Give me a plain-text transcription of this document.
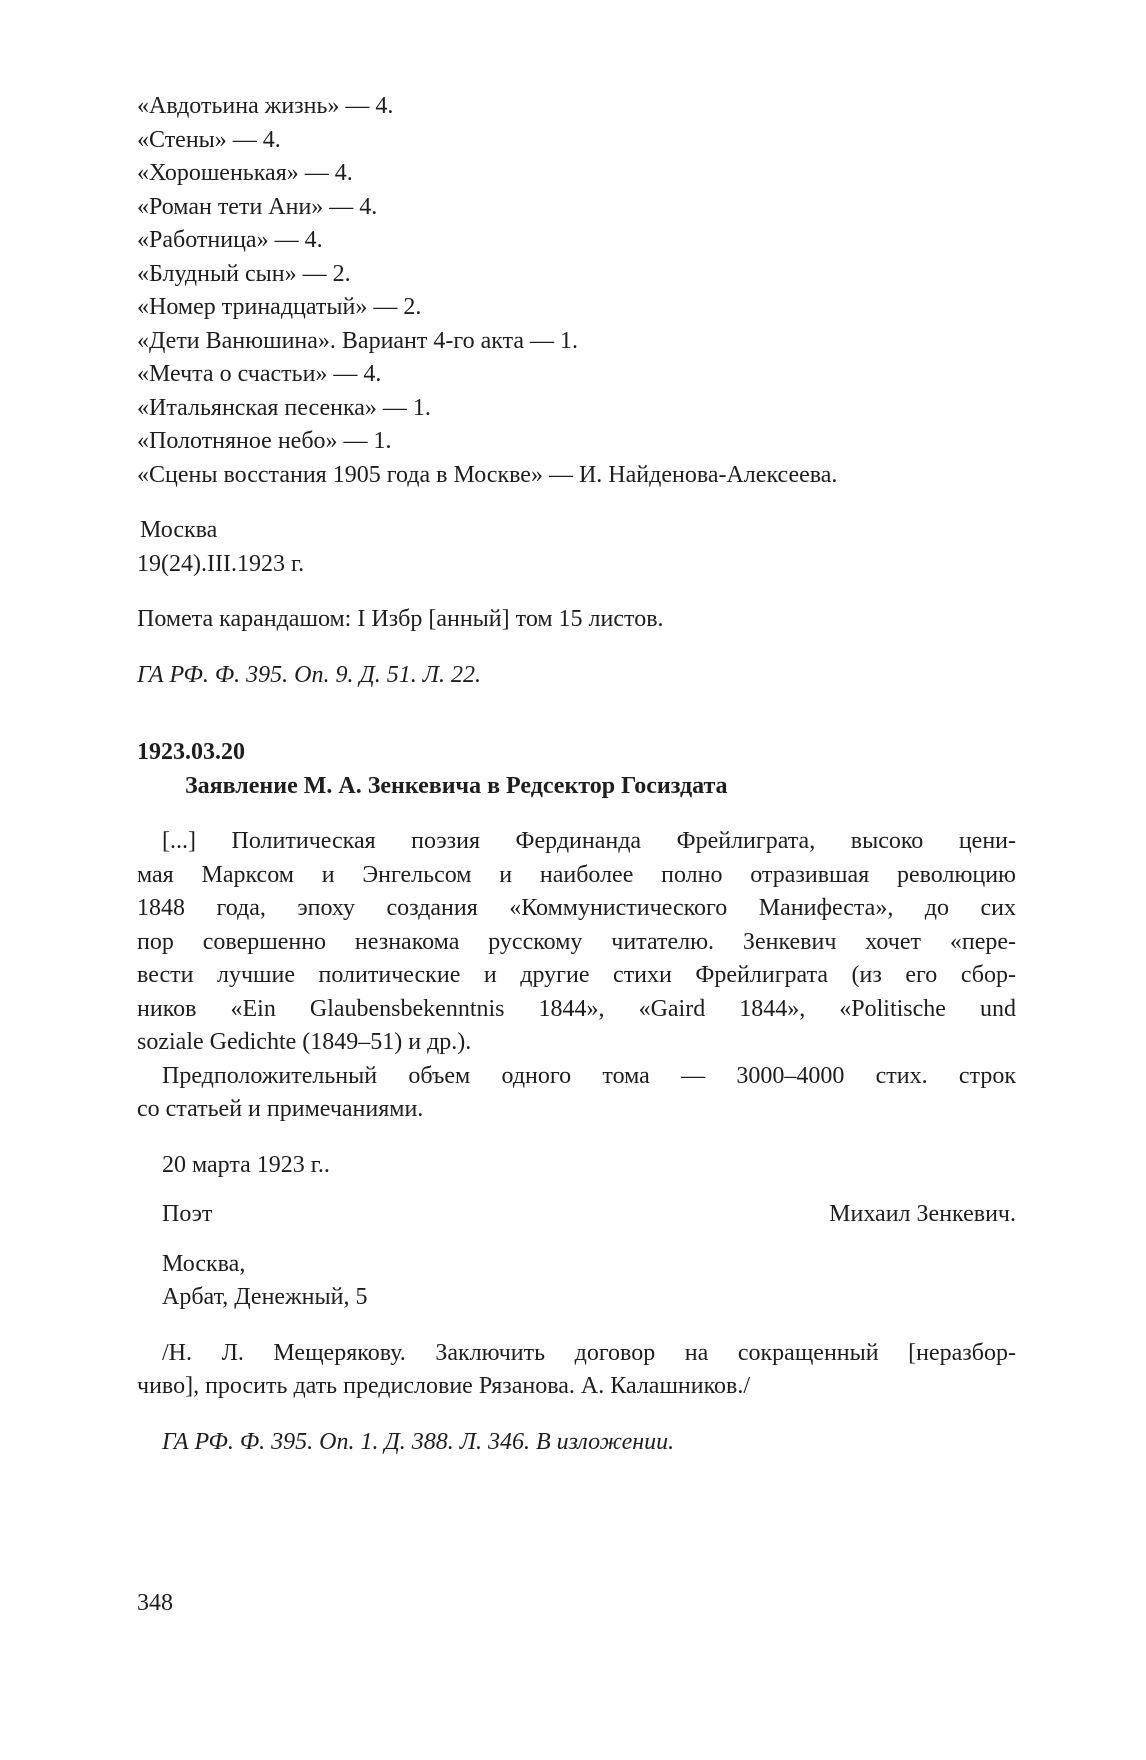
«Авдотьина жизнь» — 4.
«Стены» — 4.
«Хорошенькая» — 4.
«Роман тети Ани» — 4.
«Работница» — 4.
«Блудный сын» — 2.
«Номер тринадцатый» — 2.
«Дети Ванюшина». Вариант 4-го акта — 1.
«Мечта о счастьи» — 4.
«Итальянская песенка» — 1.
«Полотняное небо» — 1.
«Сцены восстания 1905 года в Москве» — И. Найденова-Алексеева.
Москва
19(24).III.1923 г.
Помета карандашом: I Избр [анный] том 15 листов.
ГА РФ. Ф. 395. Оп. 9. Д. 51. Л. 22.
1923.03.20
Заявление М. А. Зенкевича в Редсектор Госиздата
[...] Политическая поэзия Фердинанда Фрейлиграта, высоко цени-
мая Марксом и Энгельсом и наиболее полно отразившая революцию
1848 года, эпоху создания «Коммунистического Манифеста», до сих
пор совершенно незнакома русскому читателю. Зенкевич хочет «пере-
вести лучшие политические и другие стихи Фрейлиграта (из его сбор-
ников «Ein Glaubensbekenntnis 1844», «Gaird 1844», «Politische und
soziale Gedichte (1849–51) и др.).
Предположительный объем одного тома — 3000–4000 стих. строк
со статьей и примечаниями.
20 марта 1923 г..
Поэт	Михаил Зенкевич.
Москва,
Арбат, Денежный, 5
/Н. Л. Мещерякову. Заключить договор на сокращенный [неразбор-
чиво], просить дать предисловие Рязанова. А. Калашников./
ГА РФ. Ф. 395. Оп. 1. Д. 388. Л. 346. В изложении.
348
